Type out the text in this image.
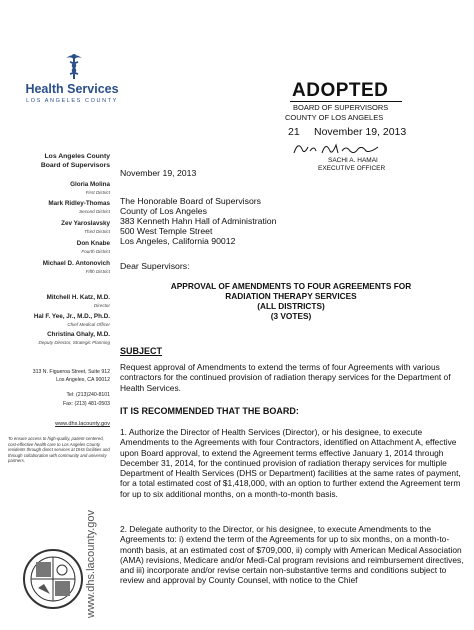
Health Services
LOS ANGELES COUNTY	ADOPTED
BOARD OF SUPERVISORS
COUNTY OF LOS ANGELES
21 November 19, 2013
SACHI A. HAMAI
EXECUTIVE OFFICER
Los Angeles County
Board of Supervisors
Gloria Molina
First District
Mark Ridley-Thomas
Second District
Zev Yaroslavsky
Third District
Don Knabe
Fourth District
Michael D. Antonovich
Fifth District
Mitchell H. Katz, M.D.
Director
Hal F. Yee, Jr., M.D., Ph.D.
Chief Medical Officer
Christina Ghaly, M.D.
Deputy Director, Strategic Planning
313 N. Figueroa Street, Suite 912
Los Angeles, CA 90012
Tel: (213)240-8101
Fax: (213) 481-0503
www.dhs.lacounty.gov
To ensure access to high-quality, patient-centered, cost-effective health care to Los Angeles County residents through direct services at DHS facilities and through collaboration with community and university partners.
www.dhs.lacounty.gov
November 19, 2013
The Honorable Board of Supervisors
County of Los Angeles
383 Kenneth Hahn Hall of Administration
500 West Temple Street
Los Angeles, California 90012
Dear Supervisors:
APPROVAL OF AMENDMENTS TO FOUR AGREEMENTS FOR
RADIATION THERAPY SERVICES
(ALL DISTRICTS)
(3 VOTES)
SUBJECT
Request approval of Amendments to extend the terms of four Agreements with various contractors for the continued provision of radiation therapy services for the Department of Health Services.
IT IS RECOMMENDED THAT THE BOARD:
1. Authorize the Director of Health Services (Director), or his designee, to execute Amendments to the Agreements with four Contractors, identified on Attachment A, effective upon Board approval, to extend the Agreement terms effective January 1, 2014 through December 31, 2014, for the continued provision of radiation therapy services for multiple Department of Health Services (DHS or Department) facilities at the same rates of payment, for a total estimated cost of $1,418,000, with an option to further extend the Agreement term for up to six additional months, on a month-to-month basis.
2. Delegate authority to the Director, or his designee, to execute Amendments to the Agreements to: i) extend the term of the Agreements for up to six months, on a month-to-month basis, at an estimated cost of $709,000, ii) comply with American Medical Association (AMA) revisions, Medicare and/or Medi-Cal program revisions and reimbursement directives, and iii) incorporate and/or revise certain non-substantive terms and conditions subject to review and approval by County Counsel, with notice to the Chief
